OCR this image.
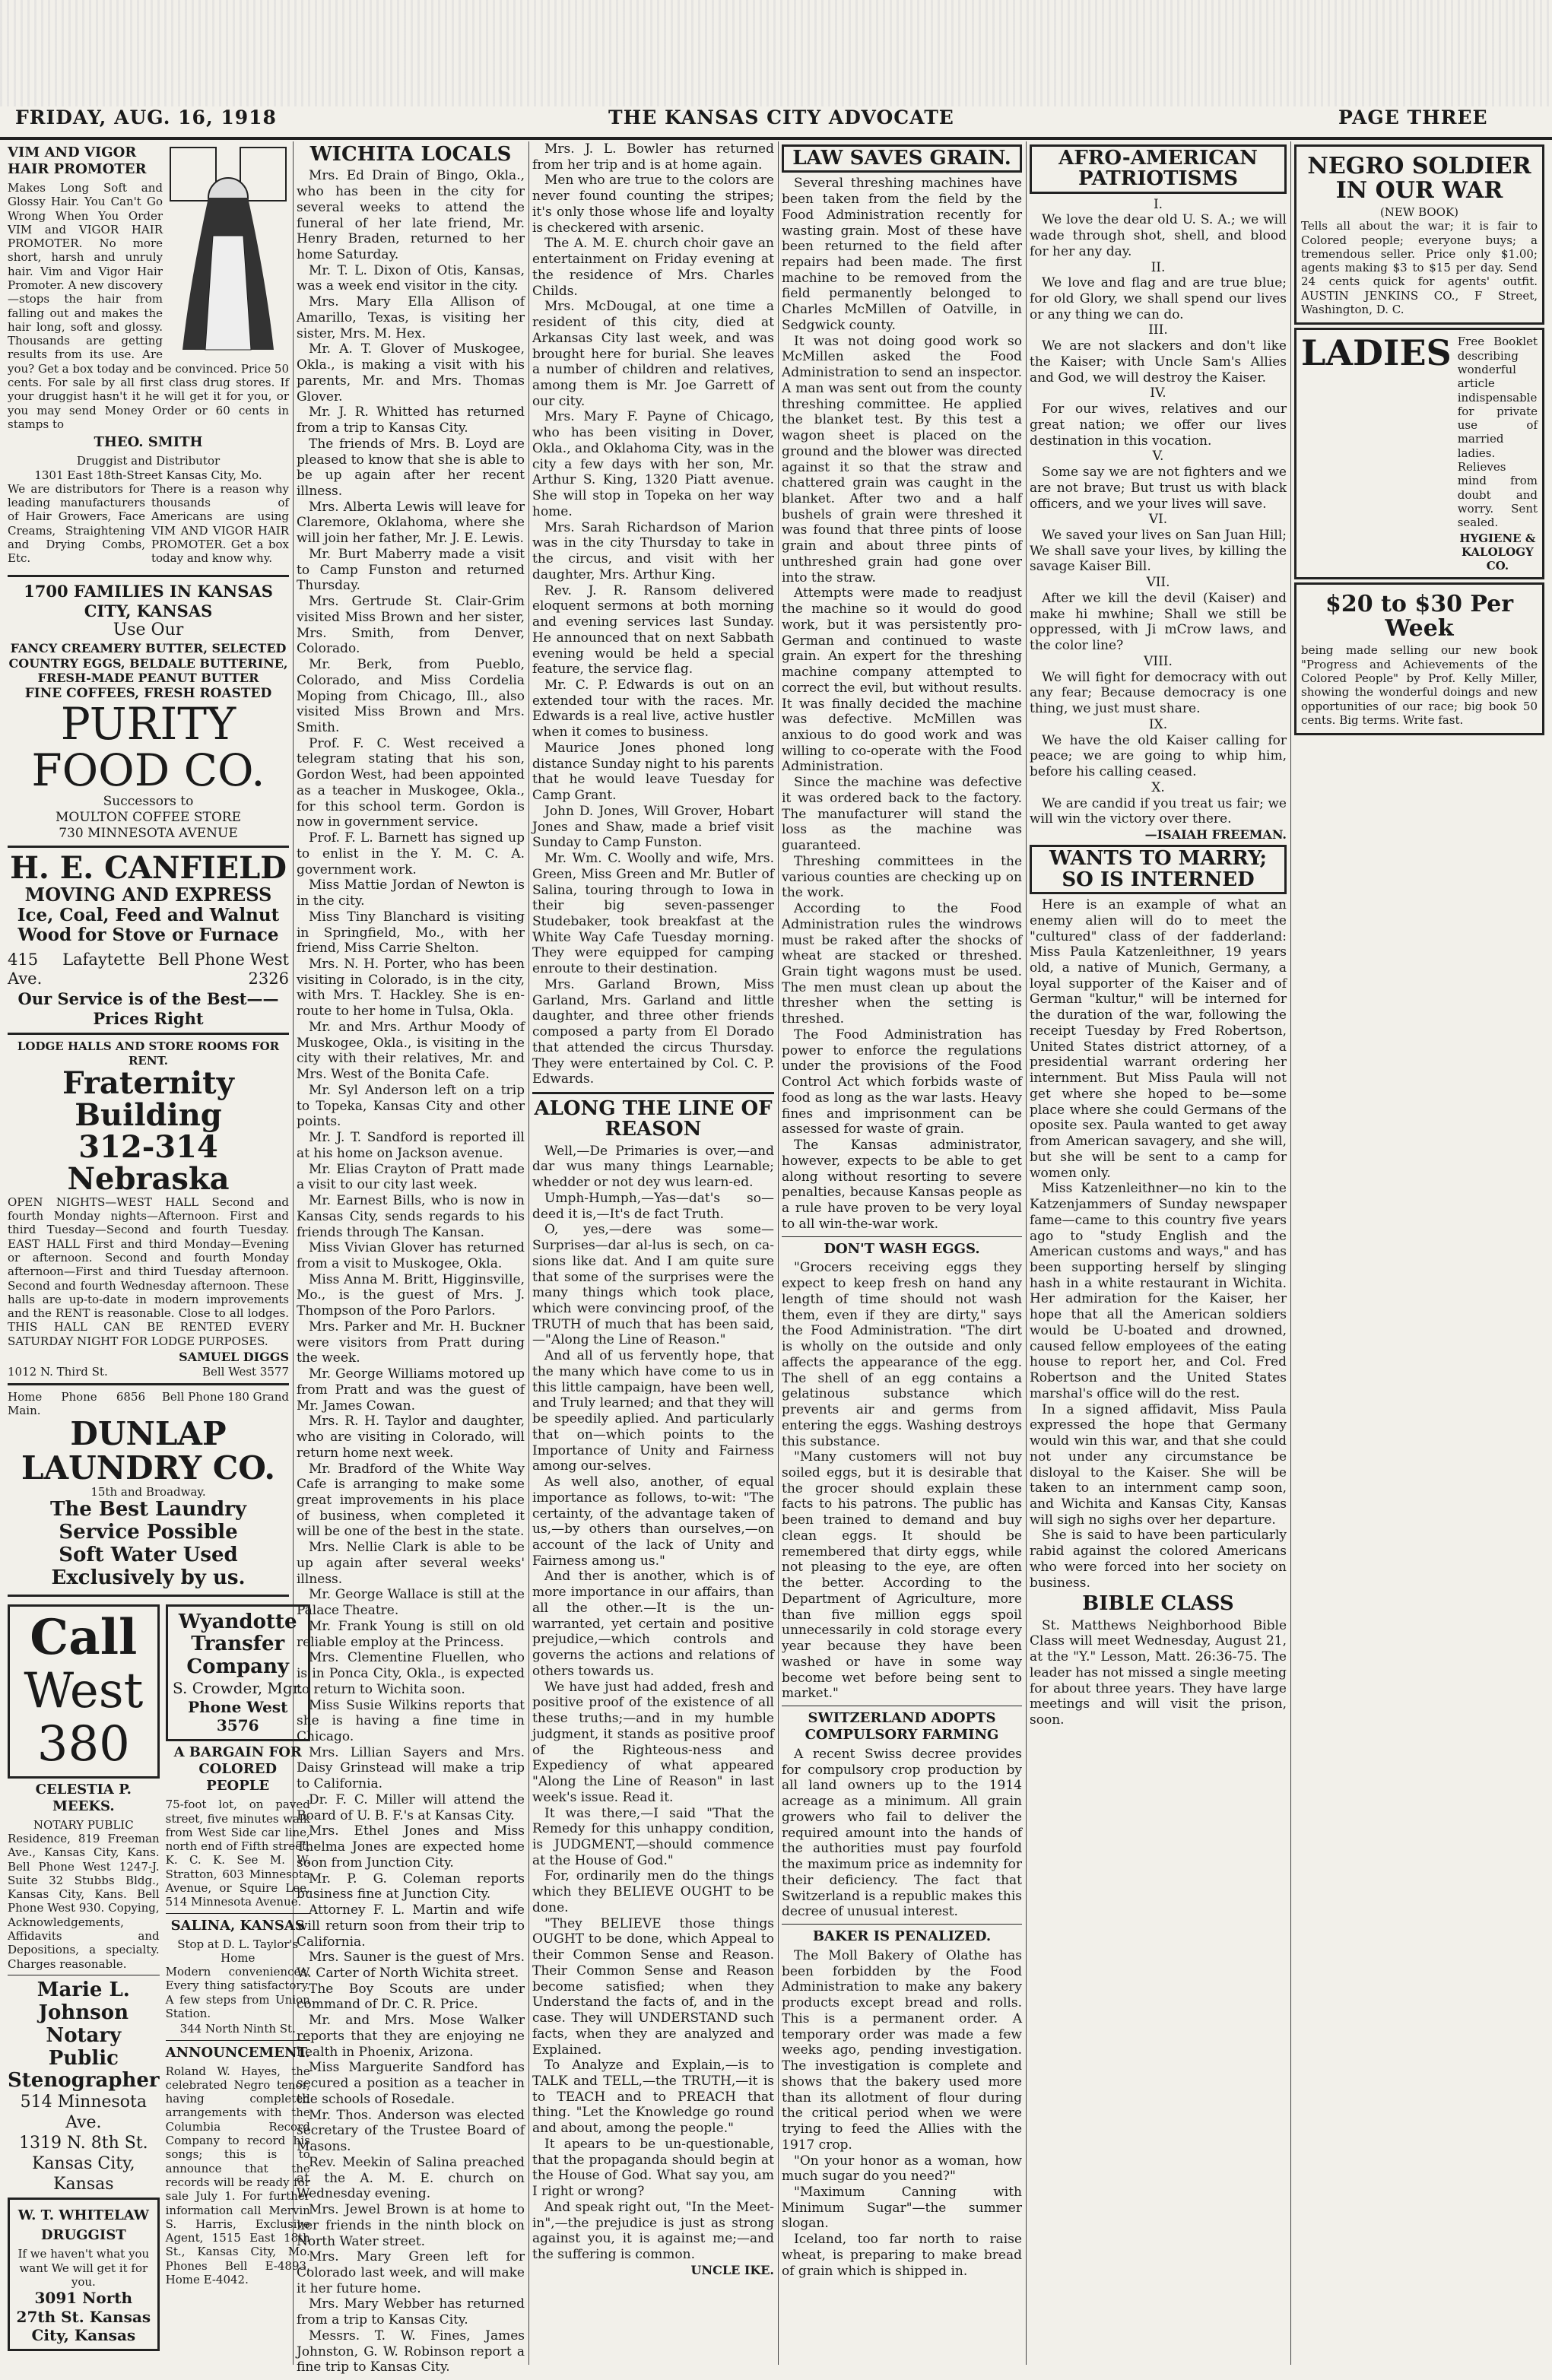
FRIDAY, AUG. 16, 1918	THE KANSAS CITY ADVOCATE	PAGE THREE
VIM AND VIGOR HAIR PROMOTER

Makes Long Soft and Glossy Hair. You Can't Go Wrong When You Order VIM and VIGOR HAIR PROMOTER. No more short, harsh and unruly hair. Vim and Vigor Hair Promoter. A new discovery—stops the hair from falling out and makes the hair long, soft and glossy. Thousands are getting results from its use. Are you? Get a box today and be convinced. Price 50 cents. For sale by all first class drug stores. If your druggist hasn't it he will get it for you, or you may send Money Order or 60 cents in stamps to

THEO. SMITH
Druggist and Distributor
1301 East 18th-Street Kansas City, Mo.
We are distributors for leading manufacturers of Hair Growers, Face Creams, Straightening and Drying Combs, Etc.
There is a reason why thousands of Americans are using VIM AND VIGOR HAIR PROMOTER. Get a box today and know why.
1700 FAMILIES IN KANSAS CITY, KANSAS
Use Our
FANCY CREAMERY BUTTER, SELECTED COUNTRY EGGS, BELDALE BUTTERINE, FRESH-MADE PEANUT BUTTER
FINE COFFEES, FRESH ROASTED
PURITY FOOD CO.
Successors to
MOULTON COFFEE STORE
730 MINNESOTA AVENUE
H. E. CANFIELD
MOVING AND EXPRESS
Ice, Coal, Feed and Walnut Wood for Stove or Furnace
415 Lafaytette Ave.
Bell Phone West 2326
Our Service is of the Best——Prices Right
LODGE HALLS AND STORE ROOMS FOR RENT.
Fraternity Building
312-314 Nebraska

OPEN NIGHTS—WEST HALL Second and fourth Monday nights—Afternoon. First and third Tuesday—Second and fourth Tuesday. EAST HALL First and third Monday—Evening or afternoon. Second and fourth Monday afternoon—First and third Tuesday afternoon. Second and fourth Wednesday afternoon. These halls are up-to-date in modern improvements and the RENT is reasonable. Close to all lodges. THIS HALL CAN BE RENTED EVERY SATURDAY NIGHT FOR LODGE PURPOSES.

SAMUEL DIGGS
1012 N. Third St.	Bell West 3577
Home Phone 6856 Main.
Bell Phone 180 Grand
DUNLAP LAUNDRY CO.
15th and Broadway.
The Best Laundry Service Possible
Soft Water Used Exclusively by us.
Call
West
380
CELESTIA P. MEEKS.
NOTARY PUBLIC

Residence, 819 Freeman Ave., Kansas City, Kans. Bell Phone West 1247-J. Suite 32 Stubbs Bldg., Kansas City, Kans. Bell Phone West 930. Copying, Acknowledgements, Affidavits and Depositions, a specialty. Charges reasonable.

Marie L. Johnson
Notary Public
Stenographer
514 Minnesota Ave.
1319 N. 8th St.
Kansas City, Kansas
W. T. WHITELAW
DRUGGIST
If we haven't what you want We will get it for you.
3091 North 27th St. Kansas City, Kansas
Wyandotte Transfer Company
S. Crowder, Mgr.
Phone West 3576
A BARGAIN FOR COLORED PEOPLE

75-foot lot, on paved street, five minutes walk from West Side car line, north end of Fifth street, K. C. K. See M. W. Stratton, 603 Minnesota Avenue, or Squire Lee, 514 Minnesota Avenue.

SALINA, KANSAS
Stop at D. L. Taylor's Home

Modern conveniences. Every thing satisfactory. A few steps from Union Station.

344 North Ninth St.
ANNOUNCEMENT.

Roland W. Hayes, the celebrated Negro tenor, having completed arrangements with the Columbia Record Company to record his songs; this is to announce that the records will be ready for sale July 1. For further information call Mervin S. Harris, Exclusive Agent, 1515 East 18th St., Kansas City, Mo. Phones Bell E-4893, Home E-4042.

WICHITA LOCALS

Mrs. Ed Drain of Bingo, Okla., who has been in the city for several weeks to attend the funeral of her late friend, Mr. Henry Braden, returned to her home Saturday.

Mr. T. L. Dixon of Otis, Kansas, was a week end visitor in the city.

Mrs. Mary Ella Allison of Amarillo, Texas, is visiting her sister, Mrs. M. Hex.

Mr. A. T. Glover of Muskogee, Okla., is making a visit with his parents, Mr. and Mrs. Thomas Glover.

Mr. J. R. Whitted has returned from a trip to Kansas City.

The friends of Mrs. B. Loyd are pleased to know that she is able to be up again after her recent illness.

Mrs. Alberta Lewis will leave for Claremore, Oklahoma, where she will join her father, Mr. J. E. Lewis.

Mr. Burt Maberry made a visit to Camp Funston and returned Thursday.

Mrs. Gertrude St. Clair-Grim visited Miss Brown and her sister, Mrs. Smith, from Denver, Colorado.

Mr. Berk, from Pueblo, Colorado, and Miss Cordelia Moping from Chicago, Ill., also visited Miss Brown and Mrs. Smith.

Prof. F. C. West received a telegram stating that his son, Gordon West, had been appointed as a teacher in Muskogee, Okla., for this school term. Gordon is now in government service.

Prof. F. L. Barnett has signed up to enlist in the Y. M. C. A. government work.

Miss Mattie Jordan of Newton is in the city.

Miss Tiny Blanchard is visiting in Springfield, Mo., with her friend, Miss Carrie Shelton.

Mrs. N. H. Porter, who has been visiting in Colorado, is in the city, with Mrs. T. Hackley. She is en-route to her home in Tulsa, Okla.

Mr. and Mrs. Arthur Moody of Muskogee, Okla., is visiting in the city with their relatives, Mr. and Mrs. West of the Bonita Cafe.

Mr. Syl Anderson left on a trip to Topeka, Kansas City and other points.

Mr. J. T. Sandford is reported ill at his home on Jackson avenue.

Mr. Elias Crayton of Pratt made a visit to our city last week.

Mr. Earnest Bills, who is now in Kansas City, sends regards to his friends through The Kansan.

Miss Vivian Glover has returned from a visit to Muskogee, Okla.

Miss Anna M. Britt, Higginsville, Mo., is the guest of Mrs. J. Thompson of the Poro Parlors.

Mrs. Parker and Mr. H. Buckner were visitors from Pratt during the week.

Mr. George Williams motored up from Pratt and was the guest of Mr. James Cowan.

Mrs. R. H. Taylor and daughter, who are visiting in Colorado, will return home next week.

Mr. Bradford of the White Way Cafe is arranging to make some great improvements in his place of business, when completed it will be one of the best in the state.

Mrs. Nellie Clark is able to be up again after several weeks' illness.

Mr. George Wallace is still at the Palace Theatre.

Mr. Frank Young is still on old reliable employ at the Princess.

Mrs. Clementine Fluellen, who is in Ponca City, Okla., is expected to return to Wichita soon.

Miss Susie Wilkins reports that she is having a fine time in Chicago.

Mrs. Lillian Sayers and Mrs. Daisy Grinstead will make a trip to California.

Dr. F. C. Miller will attend the Board of U. B. F.'s at Kansas City.

Mrs. Ethel Jones and Miss Thelma Jones are expected home soon from Junction City.

Mr. P. G. Coleman reports business fine at Junction City.

Attorney F. L. Martin and wife will return soon from their trip to California.

Mrs. Sauner is the guest of Mrs. W. Carter of North Wichita street.

The Boy Scouts are under command of Dr. C. R. Price.

Mr. and Mrs. Mose Walker reports that they are enjoying ne health in Phoenix, Arizona.

Miss Marguerite Sandford has secured a position as a teacher in the schools of Rosedale.

Mr. Thos. Anderson was elected secretary of the Trustee Board of Masons.

Rev. Meekin of Salina preached at the A. M. E. church on Wednesday evening.

Mrs. Jewel Brown is at home to her friends in the ninth block on North Water street.

Mrs. Mary Green left for Colorado last week, and will make it her future home.

Mrs. Mary Webber has returned from a trip to Kansas City.

Messrs. T. W. Fines, James Johnston, G. W. Robinson report a fine trip to Kansas City.

Mrs. J. L. Bowler has returned from her trip and is at home again.

Men who are true to the colors are never found counting the stripes; it's only those whose life and loyalty is checkered with arsenic.

The A. M. E. church choir gave an entertainment on Friday evening at the residence of Mrs. Charles Childs.

Mrs. McDougal, at one time a resident of this city, died at Arkansas City last week, and was brought here for burial. She leaves a number of children and relatives, among them is Mr. Joe Garrett of our city.

Mrs. Mary F. Payne of Chicago, who has been visiting in Dover, Okla., and Oklahoma City, was in the city a few days with her son, Mr. Arthur S. King, 1320 Piatt avenue. She will stop in Topeka on her way home.

Mrs. Sarah Richardson of Marion was in the city Thursday to take in the circus, and visit with her daughter, Mrs. Arthur King.

Rev. J. R. Ransom delivered eloquent sermons at both morning and evening services last Sunday. He announced that on next Sabbath evening would be held a special feature, the service flag.

Mr. C. P. Edwards is out on an extended tour with the races. Mr. Edwards is a real live, active hustler when it comes to business.

Maurice Jones phoned long distance Sunday night to his parents that he would leave Tuesday for Camp Grant.

John D. Jones, Will Grover, Hobart Jones and Shaw, made a brief visit Sunday to Camp Funston.

Mr. Wm. C. Woolly and wife, Mrs. Green, Miss Green and Mr. Butler of Salina, touring through to Iowa in their big seven-passenger Studebaker, took breakfast at the White Way Cafe Tuesday morning. They were equipped for camping enroute to their destination.

Mrs. Garland Brown, Miss Garland, Mrs. Garland and little daughter, and three other friends composed a party from El Dorado that attended the circus Thursday. They were entertained by Col. C. P. Edwards.

ALONG THE LINE OF REASON

Well,—De Primaries is over,—and dar wus many things Learnable; whedder or not dey wus learn-ed.

Umph-Humph,—Yas—dat's so—deed it is,—It's de fact Truth.

O, yes,—dere was some—Surprises—dar al-lus is sech, on ca-sions like dat. And I am quite sure that some of the surprises were the many things which took place, which were convincing proof, of the TRUTH of much that has been said,—"Along the Line of Reason."

And all of us fervently hope, that the many which have come to us in this little campaign, have been well, and Truly learned; and that they will be speedily aplied. And particularly that on—which points to the Importance of Unity and Fairness among our-selves.

As well also, another, of equal importance as follows, to-wit: "The certainty, of the advantage taken of us,—by others than ourselves,—on account of the lack of Unity and Fairness among us."

And ther is another, which is of more importance in our affairs, than all the other.—It is the un-warranted, yet certain and positive prejudice,—which controls and governs the actions and relations of others towards us.

We have just had added, fresh and positive proof of the existence of all these truths;—and in my humble judgment, it stands as positive proof of the Righteous-ness and Expediency of what appeared "Along the Line of Reason" in last week's issue. Read it.

It was there,—I said "That the Remedy for this unhappy condition, is JUDGMENT,—should commence at the House of God."

For, ordinarily men do the things which they BELIEVE OUGHT to be done.

"They BELIEVE those things OUGHT to be done, which Appeal to their Common Sense and Reason. Their Common Sense and Reason become satisfied; when they Understand the facts of, and in the case. They will UNDERSTAND such facts, when they are analyzed and Explained.

To Analyze and Explain,—is to TALK and TELL,—the TRUTH,—it is to TEACH and to PREACH that thing. "Let the Knowledge go round and about, among the people."

It apears to be un-questionable, that the propaganda should begin at the House of God. What say you, am I right or wrong?

And speak right out, "In the Meet-in",—the prejudice is just as strong against you, it is against me;—and the suffering is common.

UNCLE IKE.
LAW SAVES GRAIN.

Several threshing machines have been taken from the field by the Food Administration recently for wasting grain. Most of these have been returned to the field after repairs had been made. The first machine to be removed from the field permanently belonged to Charles McMillen of Oatville, in Sedgwick county.

It was not doing good work so McMillen asked the Food Administration to send an inspector. A man was sent out from the county threshing committee. He applied the blanket test. By this test a wagon sheet is placed on the ground and the blower was directed against it so that the straw and chattered grain was caught in the blanket. After two and a half bushels of grain were threshed it was found that three pints of loose grain and about three pints of unthreshed grain had gone over into the straw.

Attempts were made to readjust the machine so it would do good work, but it was persistently pro-German and continued to waste grain. An expert for the threshing machine company attempted to correct the evil, but without results. It was finally decided the machine was defective. McMillen was anxious to do good work and was willing to co-operate with the Food Administration.

Since the machine was defective it was ordered back to the factory. The manufacturer will stand the loss as the machine was guaranteed.

Threshing committees in the various counties are checking up on the work.

According to the Food Administration rules the windrows must be raked after the shocks of wheat are stacked or threshed. Grain tight wagons must be used. The men must clean up about the thresher when the setting is threshed.

The Food Administration has power to enforce the regulations under the provisions of the Food Control Act which forbids waste of food as long as the war lasts. Heavy fines and imprisonment can be assessed for waste of grain.

The Kansas administrator, however, expects to be able to get along without resorting to severe penalties, because Kansas people as a rule have proven to be very loyal to all win-the-war work.

DON'T WASH EGGS.

"Grocers receiving eggs they expect to keep fresh on hand any length of time should not wash them, even if they are dirty," says the Food Administration. "The dirt is wholly on the outside and only affects the appearance of the egg. The shell of an egg contains a gelatinous substance which prevents air and germs from entering the eggs. Washing destroys this substance.

"Many customers will not buy soiled eggs, but it is desirable that the grocer should explain these facts to his patrons. The public has been trained to demand and buy clean eggs. It should be remembered that dirty eggs, while not pleasing to the eye, are often the better. According to the Department of Agriculture, more than five million eggs spoil unnecessarily in cold storage every year because they have been washed or have in some way become wet before being sent to market."

SWITZERLAND ADOPTS COMPULSORY FARMING

A recent Swiss decree provides for compulsory crop production by all land owners up to the 1914 acreage as a minimum. All grain growers who fail to deliver the required amount into the hands of the authorities must pay fourfold the maximum price as indemnity for their deficiency. The fact that Switzerland is a republic makes this decree of unusual interest.

BAKER IS PENALIZED.

The Moll Bakery of Olathe has been forbidden by the Food Administration to make any bakery products except bread and rolls. This is a permanent order. A temporary order was made a few weeks ago, pending investigation. The investigation is complete and shows that the bakery used more than its allotment of flour during the critical period when we were trying to feed the Allies with the 1917 crop.

"On your honor as a woman, how much sugar do you need?"

"Maximum Canning with Minimum Sugar"—the summer slogan.

Iceland, too far north to raise wheat, is preparing to make bread of grain which is shipped in.

AFRO-AMERICAN PATRIOTISMS
I.

We love the dear old U. S. A.; we will wade through shot, shell, and blood for her any day.

II.

We love and flag and are true blue; for old Glory, we shall spend our lives or any thing we can do.

III.

We are not slackers and don't like the Kaiser; with Uncle Sam's Allies and God, we will destroy the Kaiser.

IV.

For our wives, relatives and our great nation; we offer our lives destination in this vocation.

V.

Some say we are not fighters and we are not brave; But trust us with black officers, and we your lives will save.

VI.

We saved your lives on San Juan Hill; We shall save your lives, by killing the savage Kaiser Bill.

VII.

After we kill the devil (Kaiser) and make hi mwhine; Shall we still be oppressed, with Ji mCrow laws, and the color line?

VIII.

We will fight for democracy with out any fear; Because democracy is one thing, we just must share.

IX.

We have the old Kaiser calling for peace; we are going to whip him, before his calling ceased.

X.

We are candid if you treat us fair; we will win the victory over there.

—ISAIAH FREEMAN.
WANTS TO MARRY; SO IS INTERNED

Here is an example of what an enemy alien will do to meet the "cultured" class of der fadderland: Miss Paula Katzenleithner, 19 years old, a native of Munich, Germany, a loyal supporter of the Kaiser and of German "kultur," will be interned for the duration of the war, following the receipt Tuesday by Fred Robertson, United States district attorney, of a presidential warrant ordering her internment. But Miss Paula will not get where she hoped to be—some place where she could Germans of the oposite sex. Paula wanted to get away from American savagery, and she will, but she will be sent to a camp for women only.

Miss Katzenleithner—no kin to the Katzenjammers of Sunday newspaper fame—came to this country five years ago to "study English and the American customs and ways," and has been supporting herself by slinging hash in a white restaurant in Wichita. Her admiration for the Kaiser, her hope that all the American soldiers would be U-boated and drowned, caused fellow employees of the eating house to report her, and Col. Fred Robertson and the United States marshal's office will do the rest.

In a signed affidavit, Miss Paula expressed the hope that Germany would win this war, and that she could not under any circumstance be disloyal to the Kaiser. She will be taken to an internment camp soon, and Wichita and Kansas City, Kansas will sigh no sighs over her departure.

She is said to have been particularly rabid against the colored Americans who were forced into her society on business.

BIBLE CLASS

St. Matthews Neighborhood Bible Class will meet Wednesday, August 21, at the "Y." Lesson, Matt. 26:36-75. The leader has not missed a single meeting for about three years. They have large meetings and will visit the prison, soon.

NEGRO SOLDIER IN OUR WAR
(NEW BOOK)

Tells all about the war; it is fair to Colored people; everyone buys; a tremendous seller. Price only $1.00; agents making $3 to $15 per day. Send 24 cents quick for agents' outfit. AUSTIN JENKINS CO., F Street, Washington, D. C.

LADIES Free Booklet describing wonderful article indispensable for private use of married ladies. Relieves mind from doubt and worry. Sent sealed.

HYGIENE & KALOLOGY CO.
$20 to $30 Per Week

being made selling our new book "Progress and Achievements of the Colored People" by Prof. Kelly Miller, showing the wonderful doings and new opportunities of our race; big book 50 cents. Big terms. Write fast.
